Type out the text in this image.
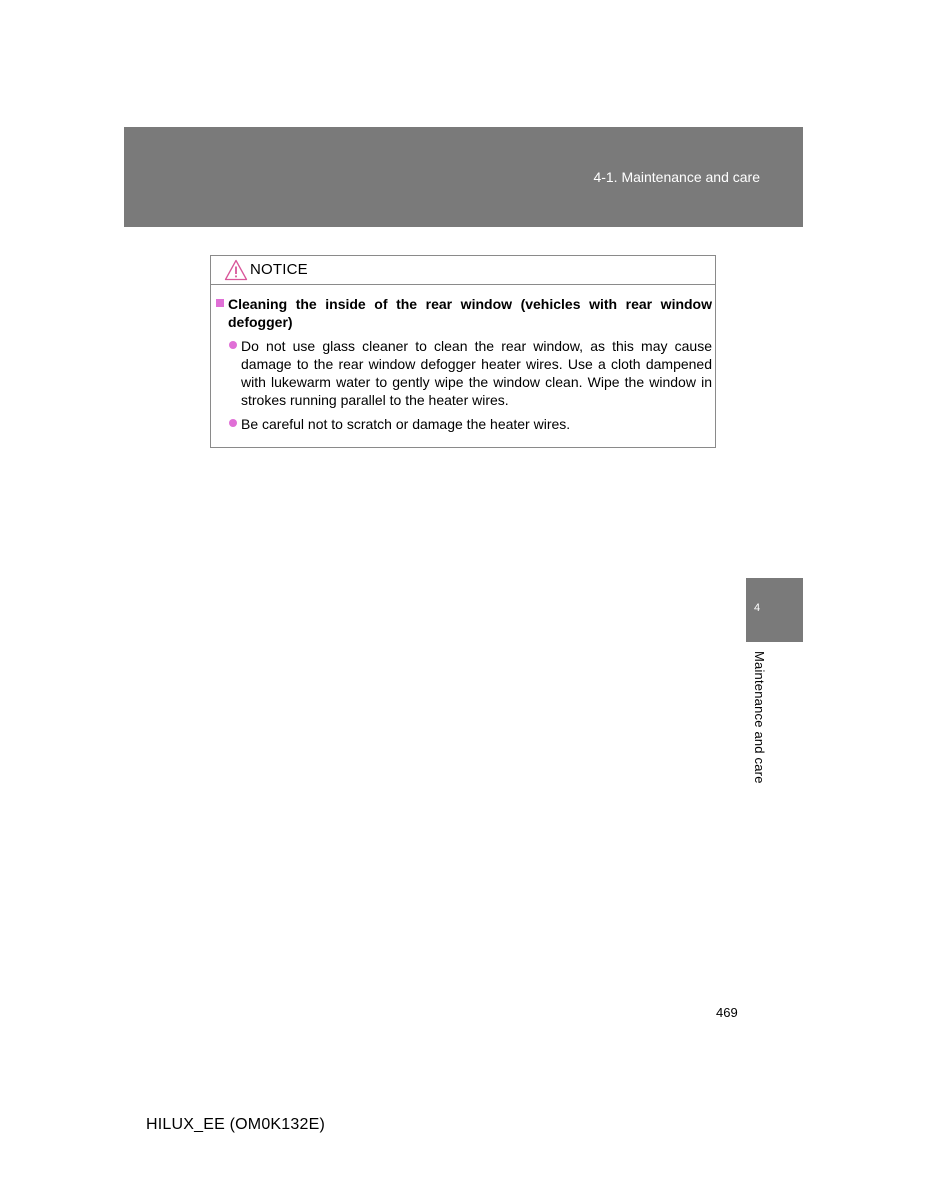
4-1. Maintenance and care
NOTICE
Cleaning the inside of the rear window (vehicles with rear window defogger)
Do not use glass cleaner to clean the rear window, as this may cause damage to the rear window defogger heater wires. Use a cloth dampened with lukewarm water to gently wipe the window clean. Wipe the window in strokes running parallel to the heater wires.
Be careful not to scratch or damage the heater wires.
4
Maintenance and care
469
HILUX_EE (OM0K132E)
